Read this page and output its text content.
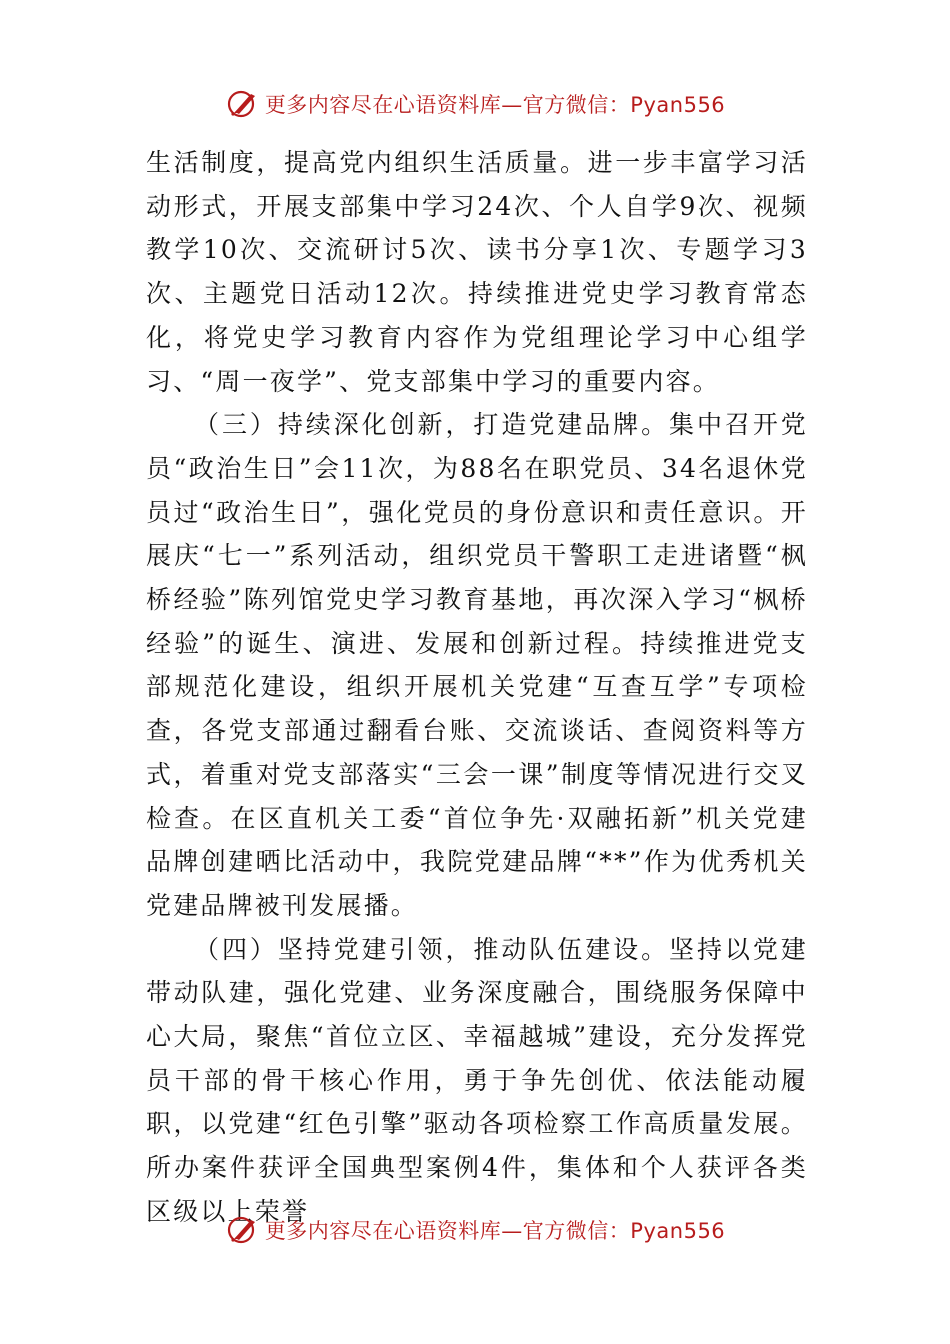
更多内容尽在心语资料库—官方微信：Pyan556

生活制度，提高党内组织生活质量。进一步丰富学习活动形式，开展支部集中学习24次、个人自学9次、视频教学10次、交流研讨5次、读书分享1次、专题学习3次、主题党日活动12次。持续推进党史学习教育常态化，将党史学习教育内容作为党组理论学习中心组学习、“周一夜学”、党支部集中学习的重要内容。

（三）持续深化创新，打造党建品牌。集中召开党员“政治生日”会11次，为88名在职党员、34名退休党员过“政治生日”，强化党员的身份意识和责任意识。开展庆“七一”系列活动，组织党员干警职工走进诸暨“枫桥经验”陈列馆党史学习教育基地，再次深入学习“枫桥经验”的诞生、演进、发展和创新过程。持续推进党支部规范化建设，组织开展机关党建“互查互学”专项检查，各党支部通过翻看台账、交流谈话、查阅资料等方式，着重对党支部落实“三会一课”制度等情况进行交叉检查。在区直机关工委“首位争先·双融拓新”机关党建品牌创建晒比活动中，我院党建品牌“**”作为优秀机关党建品牌被刊发展播。

（四）坚持党建引领，推动队伍建设。坚持以党建带动队建，强化党建、业务深度融合，围绕服务保障中心大局，聚焦“首位立区、幸福越城”建设，充分发挥党员干部的骨干核心作用，勇于争先创优、依法能动履职，以党建“红色引擎”驱动各项检察工作高质量发展。所办案件获评全国典型案例4件，集体和个人获评各类区级以上荣誉

更多内容尽在心语资料库—官方微信：Pyan556
